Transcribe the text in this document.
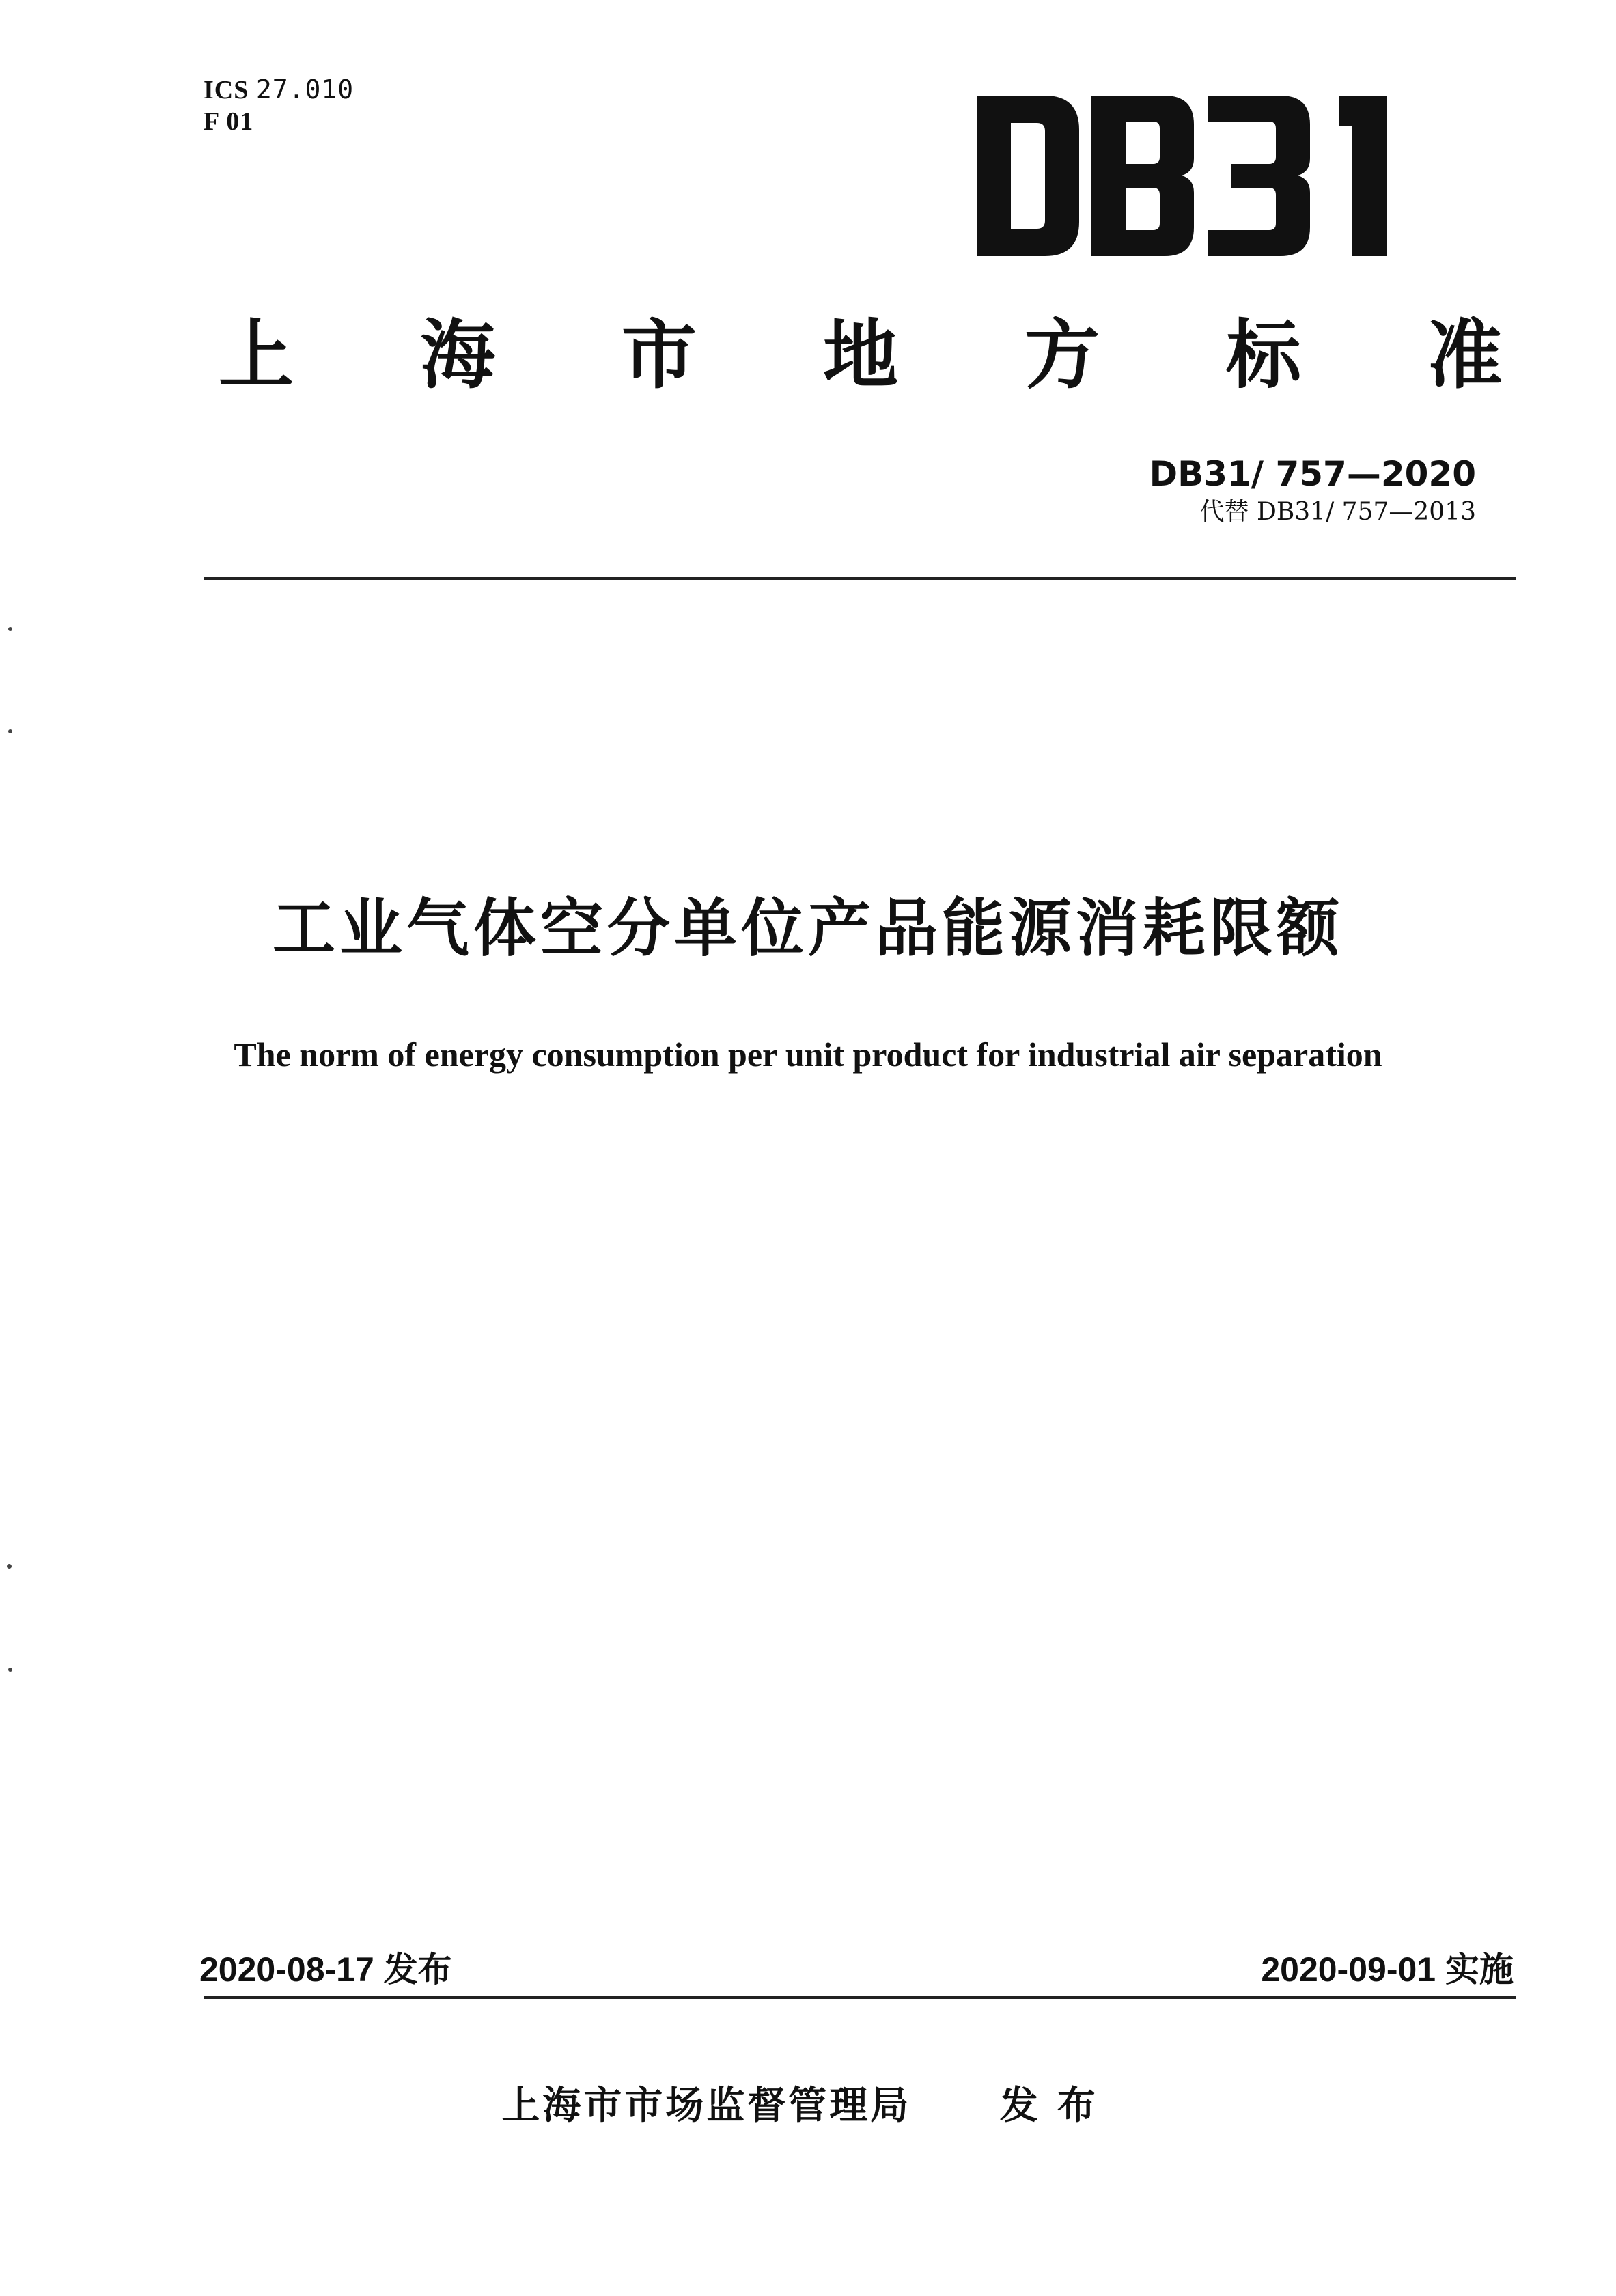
ICS 27.010
F 01
上 海 市 地 方 标 准
DB31/ 757—2020
代替 DB31/ 757—2013
工业气体空分单位产品能源消耗限额
The norm of energy consumption per unit product for industrial air separation
2020-08-17 发布	2020-09-01 实施
上海市市场监督管理局 发布
